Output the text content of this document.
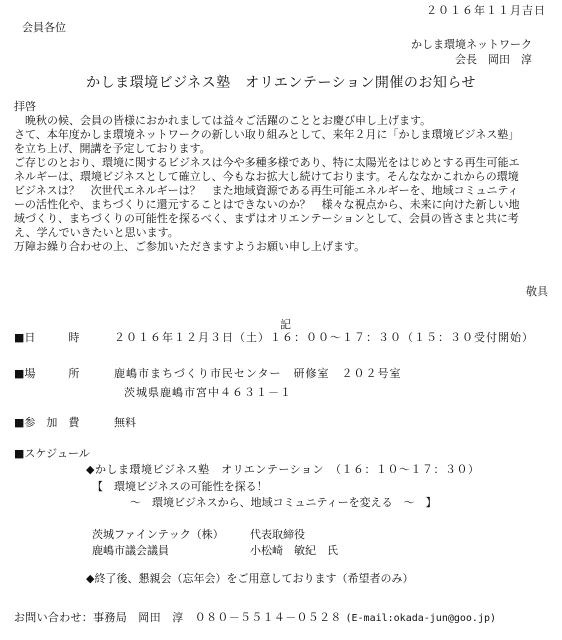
２０１６年１１月吉日
会員各位
かしま環境ネットワーク
会長　岡田　淳
かしま環境ビジネス塾　オリエンテーション開催のお知らせ
拝啓

　晩秋の候、会員の皆様におかれましては益々ご活躍のこととお慶び申し上げます。

さて、本年度かしま環境ネットワークの新しい取り組みとして、来年２月に「かしま環境ビジネス塾」

を立ち上げ、開講を予定しております。

ご存じのとおり、環境に関するビジネスは今や多種多様であり、特に太陽光をはじめとする再生可能エ

ネルギーは、環境ビジネスとして確立し、今もなお拡大し続けております。そんななかこれからの環境

ビジネスは？　次世代エネルギーは？　また地域資源である再生可能エネルギーを、地域コミュニティ

ーの活性化や、まちづくりに還元することはできないのか？　様々な視点から、未来に向けた新しい地

域づくり、まちづくりの可能性を探るべく、まずはオリエンテーションとして、会員の皆さまと共に考

え、学んでいきたいと思います。

万障お繰り合わせの上、ご参加いただきますようお願い申し上げます。

敬具
記
■日　　　時	２０１６年１２月３日（土）１６：００～１７：３０（１５：３０受付開始）
■場　　　所	鹿嶋市まちづくり市民センター　研修室　２０２号室
茨城県鹿嶋市宮中４６３１－１
■参　加　費	無料
■スケジュール
◆かしま環境ビジネス塾　オリエンテーション　（１６：１０～１７：３０）
【　環境ビジネスの可能性を探る！
～　環境ビジネスから、地域コミュニティーを変える　～　】
茨城ファインテック（株） 代表取締役
鹿嶋市議会議員	小松崎　敏紀　氏
◆終了後、懇親会（忘年会）をご用意しております（希望者のみ）
お問い合わせ：事務局　岡田　淳　０８０－５５１４－０５２８ (E-mail:okada-jun@goo.jp)
